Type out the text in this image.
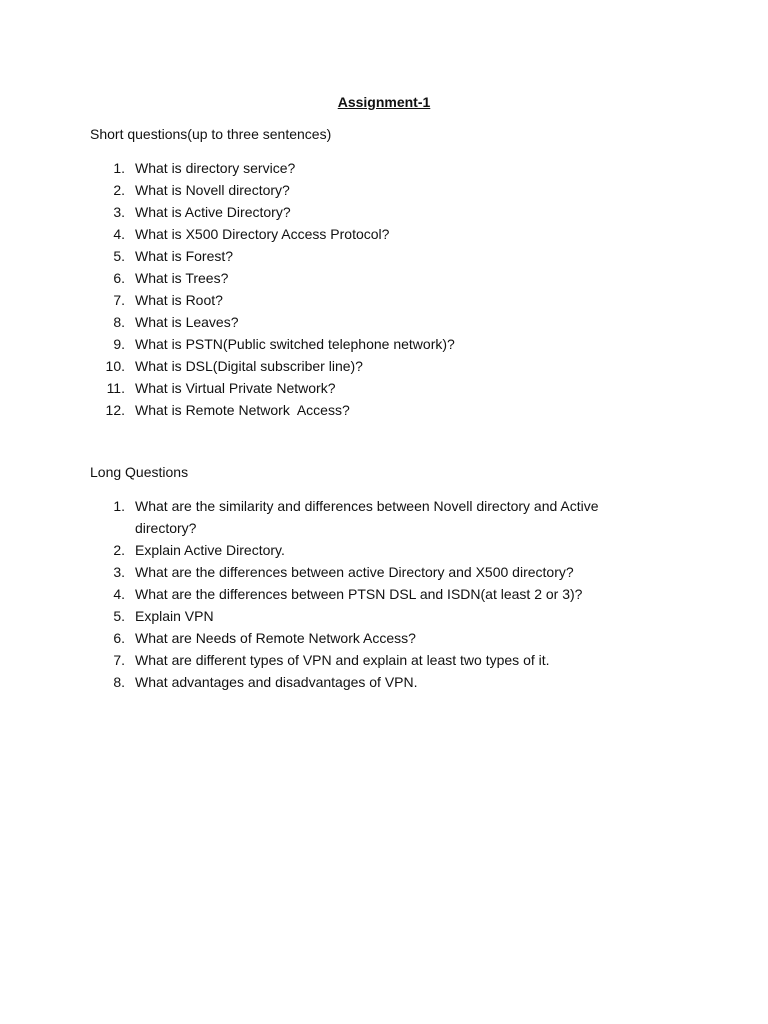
Assignment-1
Short questions(up to three sentences)
1. What is directory service?
2. What is Novell directory?
3. What is Active Directory?
4. What is X500 Directory Access Protocol?
5. What is Forest?
6. What is Trees?
7. What is Root?
8. What is Leaves?
9. What is PSTN(Public switched telephone network)?
10. What is DSL(Digital subscriber line)?
11. What is Virtual Private Network?
12. What is Remote Network  Access?
Long Questions
1. What are the similarity and differences between Novell directory and Active directory?
2. Explain Active Directory.
3. What are the differences between active Directory and X500 directory?
4. What are the differences between PTSN DSL and ISDN(at least 2 or 3)?
5. Explain VPN
6. What are Needs of Remote Network Access?
7. What are different types of VPN and explain at least two types of it.
8. What advantages and disadvantages of VPN.
